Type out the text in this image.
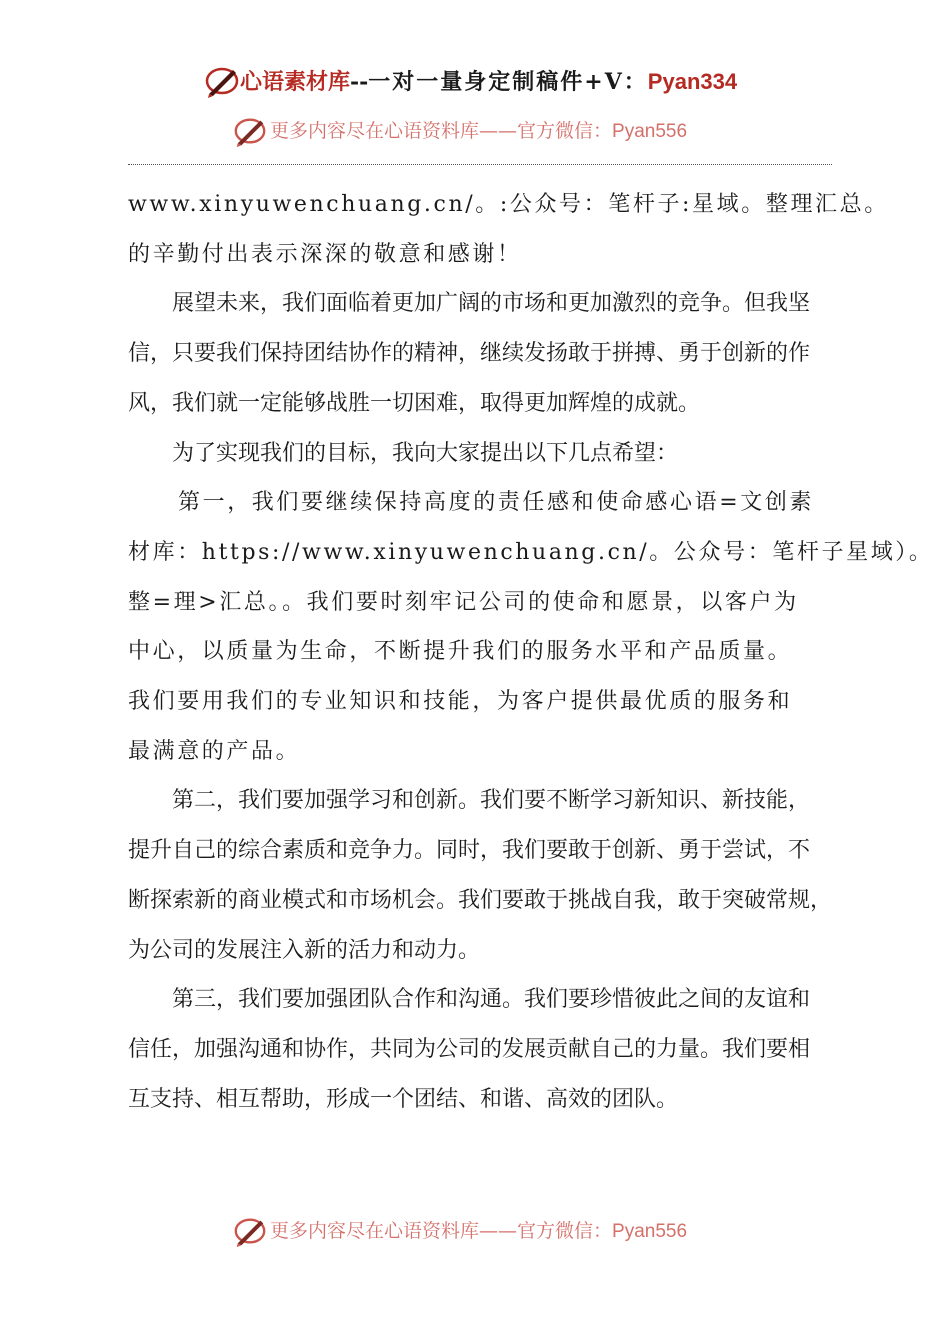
心语素材库--一对一量身定制稿件+V：Pyan334
更多内容尽在心语资料库——官方微信：Pyan556
www.xinyuwenchuang.cn/。:公众号：笔杆子:星域。整理汇总。
的辛勤付出表示深深的敬意和感谢！
展望未来，我们面临着更加广阔的市场和更加激烈的竞争。但我坚
信，只要我们保持团结协作的精神，继续发扬敢于拼搏、勇于创新的作
风，我们就一定能够战胜一切困难，取得更加辉煌的成就。
为了实现我们的目标，我向大家提出以下几点希望：
第一，我们要继续保持高度的责任感和使命感心语=文创素
材库：https://www.xinyuwenchuang.cn/。公众号：笔杆子星域）。
整=理>汇总。。我们要时刻牢记公司的使命和愿景，以客户为
中心，以质量为生命，不断提升我们的服务水平和产品质量。
我们要用我们的专业知识和技能，为客户提供最优质的服务和
最满意的产品。
第二，我们要加强学习和创新。我们要不断学习新知识、新技能，
提升自己的综合素质和竞争力。同时，我们要敢于创新、勇于尝试，不
断探索新的商业模式和市场机会。我们要敢于挑战自我，敢于突破常规，
为公司的发展注入新的活力和动力。
第三，我们要加强团队合作和沟通。我们要珍惜彼此之间的友谊和
信任，加强沟通和协作，共同为公司的发展贡献自己的力量。我们要相
互支持、相互帮助，形成一个团结、和谐、高效的团队。
更多内容尽在心语资料库——官方微信：Pyan556
